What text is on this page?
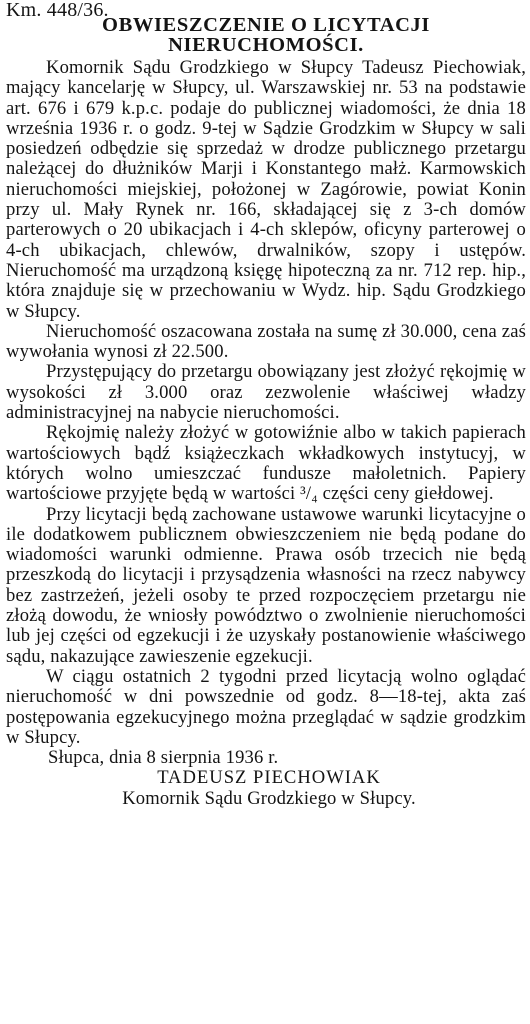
Km. 448/36.
OBWIESZCZENIE O LICYTACJI
NIERUCHOMOŚCI.

Komornik Sądu Grodzkiego w Słupcy Tadeusz Piechowiak, mający kancelarję w Słupcy, ul. Warszawskiej nr. 53 na podstawie art. 676 i 679 k.p.c. podaje do publicznej wiadomości, że dnia 18 września 1936 r. o godz. 9-tej w Sądzie Grodzkim w Słupcy w sali posiedzeń odbędzie się sprzedaż w drodze publicznego przetargu należącej do dłużników Marji i Konstantego małż. Karmowskich nieruchomości miejskiej, położonej w Zagórowie, powiat Konin przy ul. Mały Rynek nr. 166, składającej się z 3-ch domów parterowych o 20 ubikacjach i 4-ch sklepów, oficyny parterowej o 4-ch ubikacjach, chlewów, drwalników, szopy i ustępów. Nieruchomość ma urządzoną księgę hipoteczną za nr. 712 rep. hip., która znajduje się w przechowaniu w Wydz. hip. Sądu Grodzkiego w Słupcy.

Nieruchomość oszacowana została na sumę zł 30.000, cena zaś wywołania wynosi zł 22.500.

Przystępujący do przetargu obowiązany jest złożyć rękojmię w wysokości zł 3.000 oraz zezwolenie właściwej władzy administracyjnej na nabycie nieruchomości.

Rękojmię należy złożyć w gotowiźnie albo w takich papierach wartościowych bądź książeczkach wkładkowych instytucyj, w których wolno umieszczać fundusze małoletnich. Papiery wartościowe przyjęte będą w wartości ³/₄ części ceny giełdowej.

Przy licytacji będą zachowane ustawowe warunki licytacyjne o ile dodatkowem publicznem obwieszczeniem nie będą podane do wiadomości warunki odmienne. Prawa osób trzecich nie będą przeszkodą do licytacji i przysądzenia własności na rzecz nabywcy bez zastrzeżeń, jeżeli osoby te przed rozpoczęciem przetargu nie złożą dowodu, że wniosły powództwo o zwolnienie nieruchomości lub jej części od egzekucji i że uzyskały postanowienie właściwego sądu, nakazujące zawieszenie egzekucji.

W ciągu ostatnich 2 tygodni przed licytacją wolno oglądać nieruchomość w dni powszednie od godz. 8—18-tej, akta zaś postępowania egzekucyjnego można przeglądać w sądzie grodzkim w Słupcy.

Słupca, dnia 8 sierpnia 1936 r.
TADEUSZ PIECHOWIAK
Komornik Sądu Grodzkiego w Słupcy.
